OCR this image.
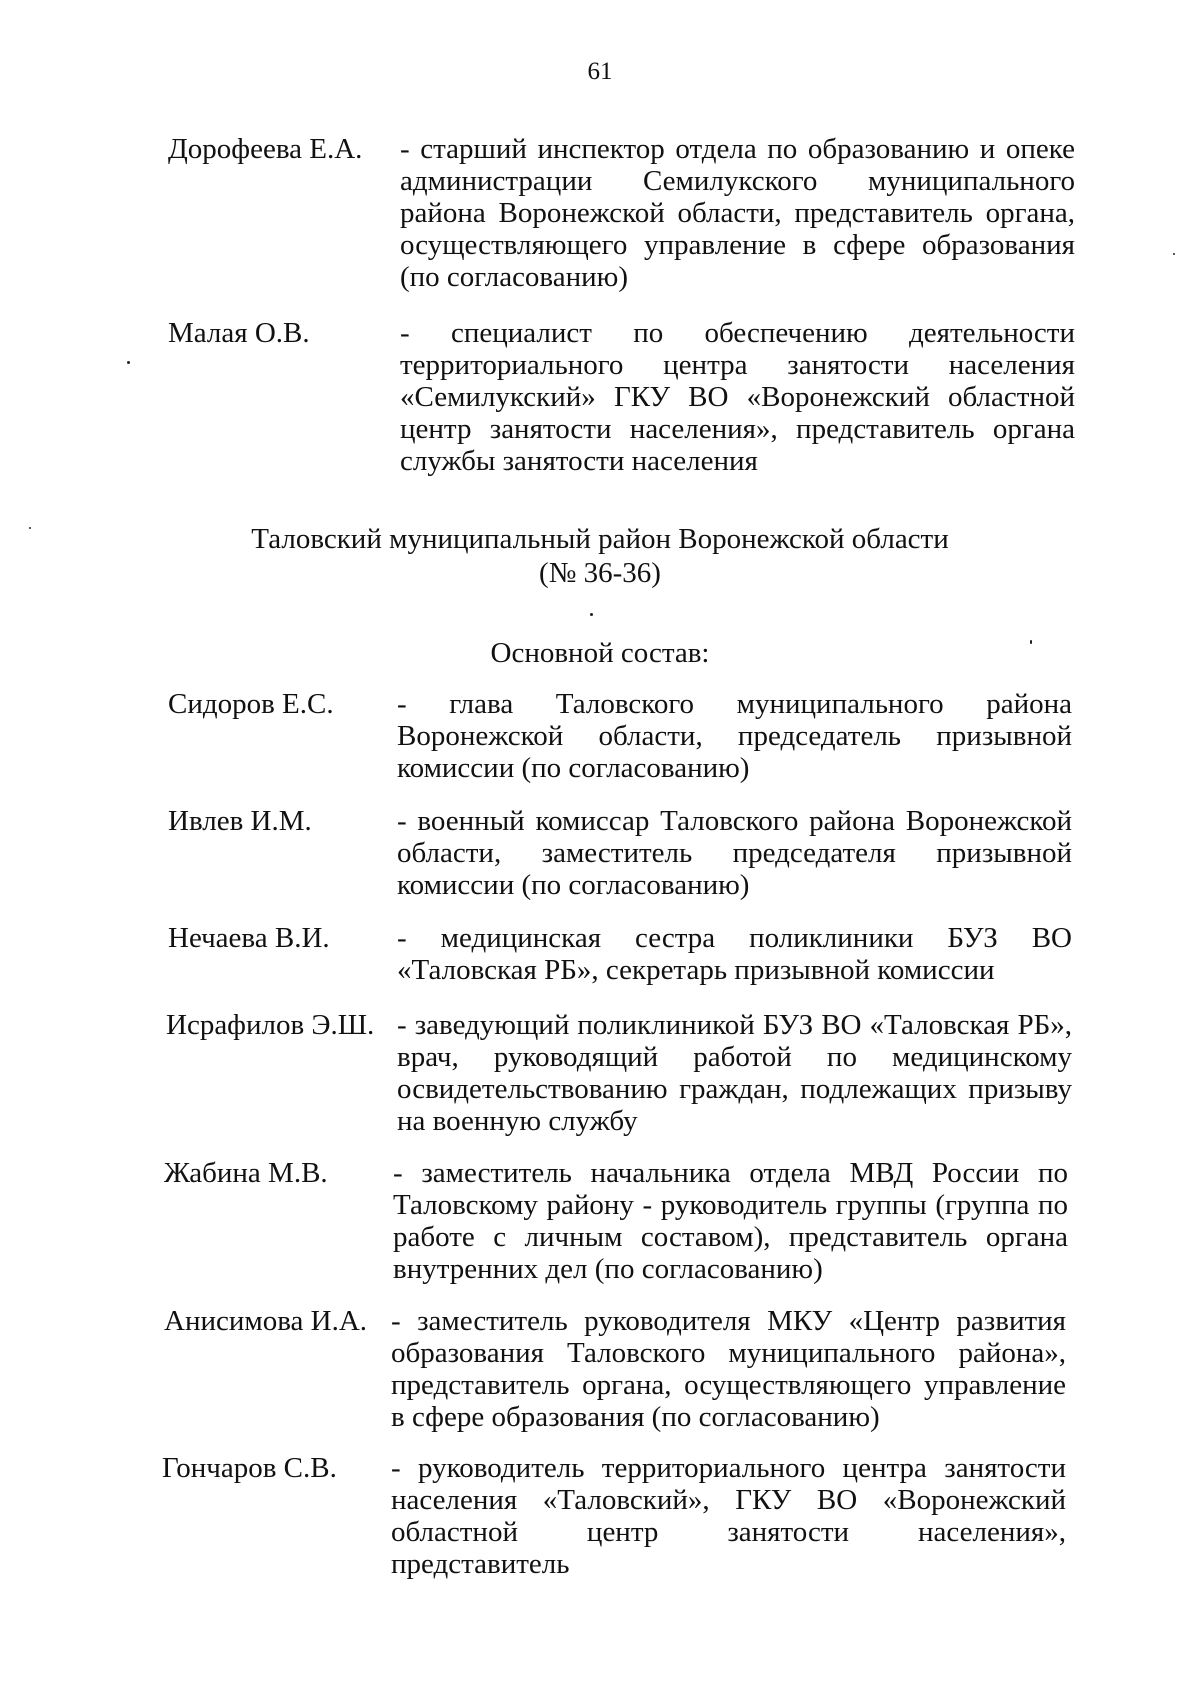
61
Дорофеева Е.А. - старший инспектор отдела по образованию и опеке администрации Семилукского муниципального района Воронежской области, представитель органа, осуществляющего управление в сфере образования (по согласованию)
Малая О.В.	- специалист по обеспечению деятельности территориального центра занятости населения «Семилукский» ГКУ ВО «Воронежский областной центр занятости населения», представитель органа службы занятости населения
Таловский муниципальный район Воронежской области
(№ 36-36)
Основной состав:
Сидоров Е.С. - глава Таловского муниципального района Воронежской области, председатель призывной комиссии (по согласованию)
Ивлев И.М.	- военный комиссар Таловского района Воронежской области, заместитель председателя призывной комиссии (по согласованию)
Нечаева В.И. - медицинская сестра поликлиники БУЗ ВО «Таловская РБ», секретарь призывной комиссии
Исрафилов Э.Ш. - заведующий поликлиникой БУЗ ВО «Таловская РБ», врач, руководящий работой по медицинскому освидетельствованию граждан, подлежащих призыву на военную службу
Жабина М.В. - заместитель начальника отдела МВД России по Таловскому району - руководитель группы (группа по работе с личным составом), представитель органа внутренних дел (по согласованию)
Анисимова И.А. - заместитель руководителя МКУ «Центр развития образования Таловского муниципального района», представитель органа, осуществляющего управление в сфере образования (по согласованию)
Гончаров С.В. - руководитель территориального центра занятости населения «Таловский», ГКУ ВО «Воронежский областной центр занятости населения», представитель
